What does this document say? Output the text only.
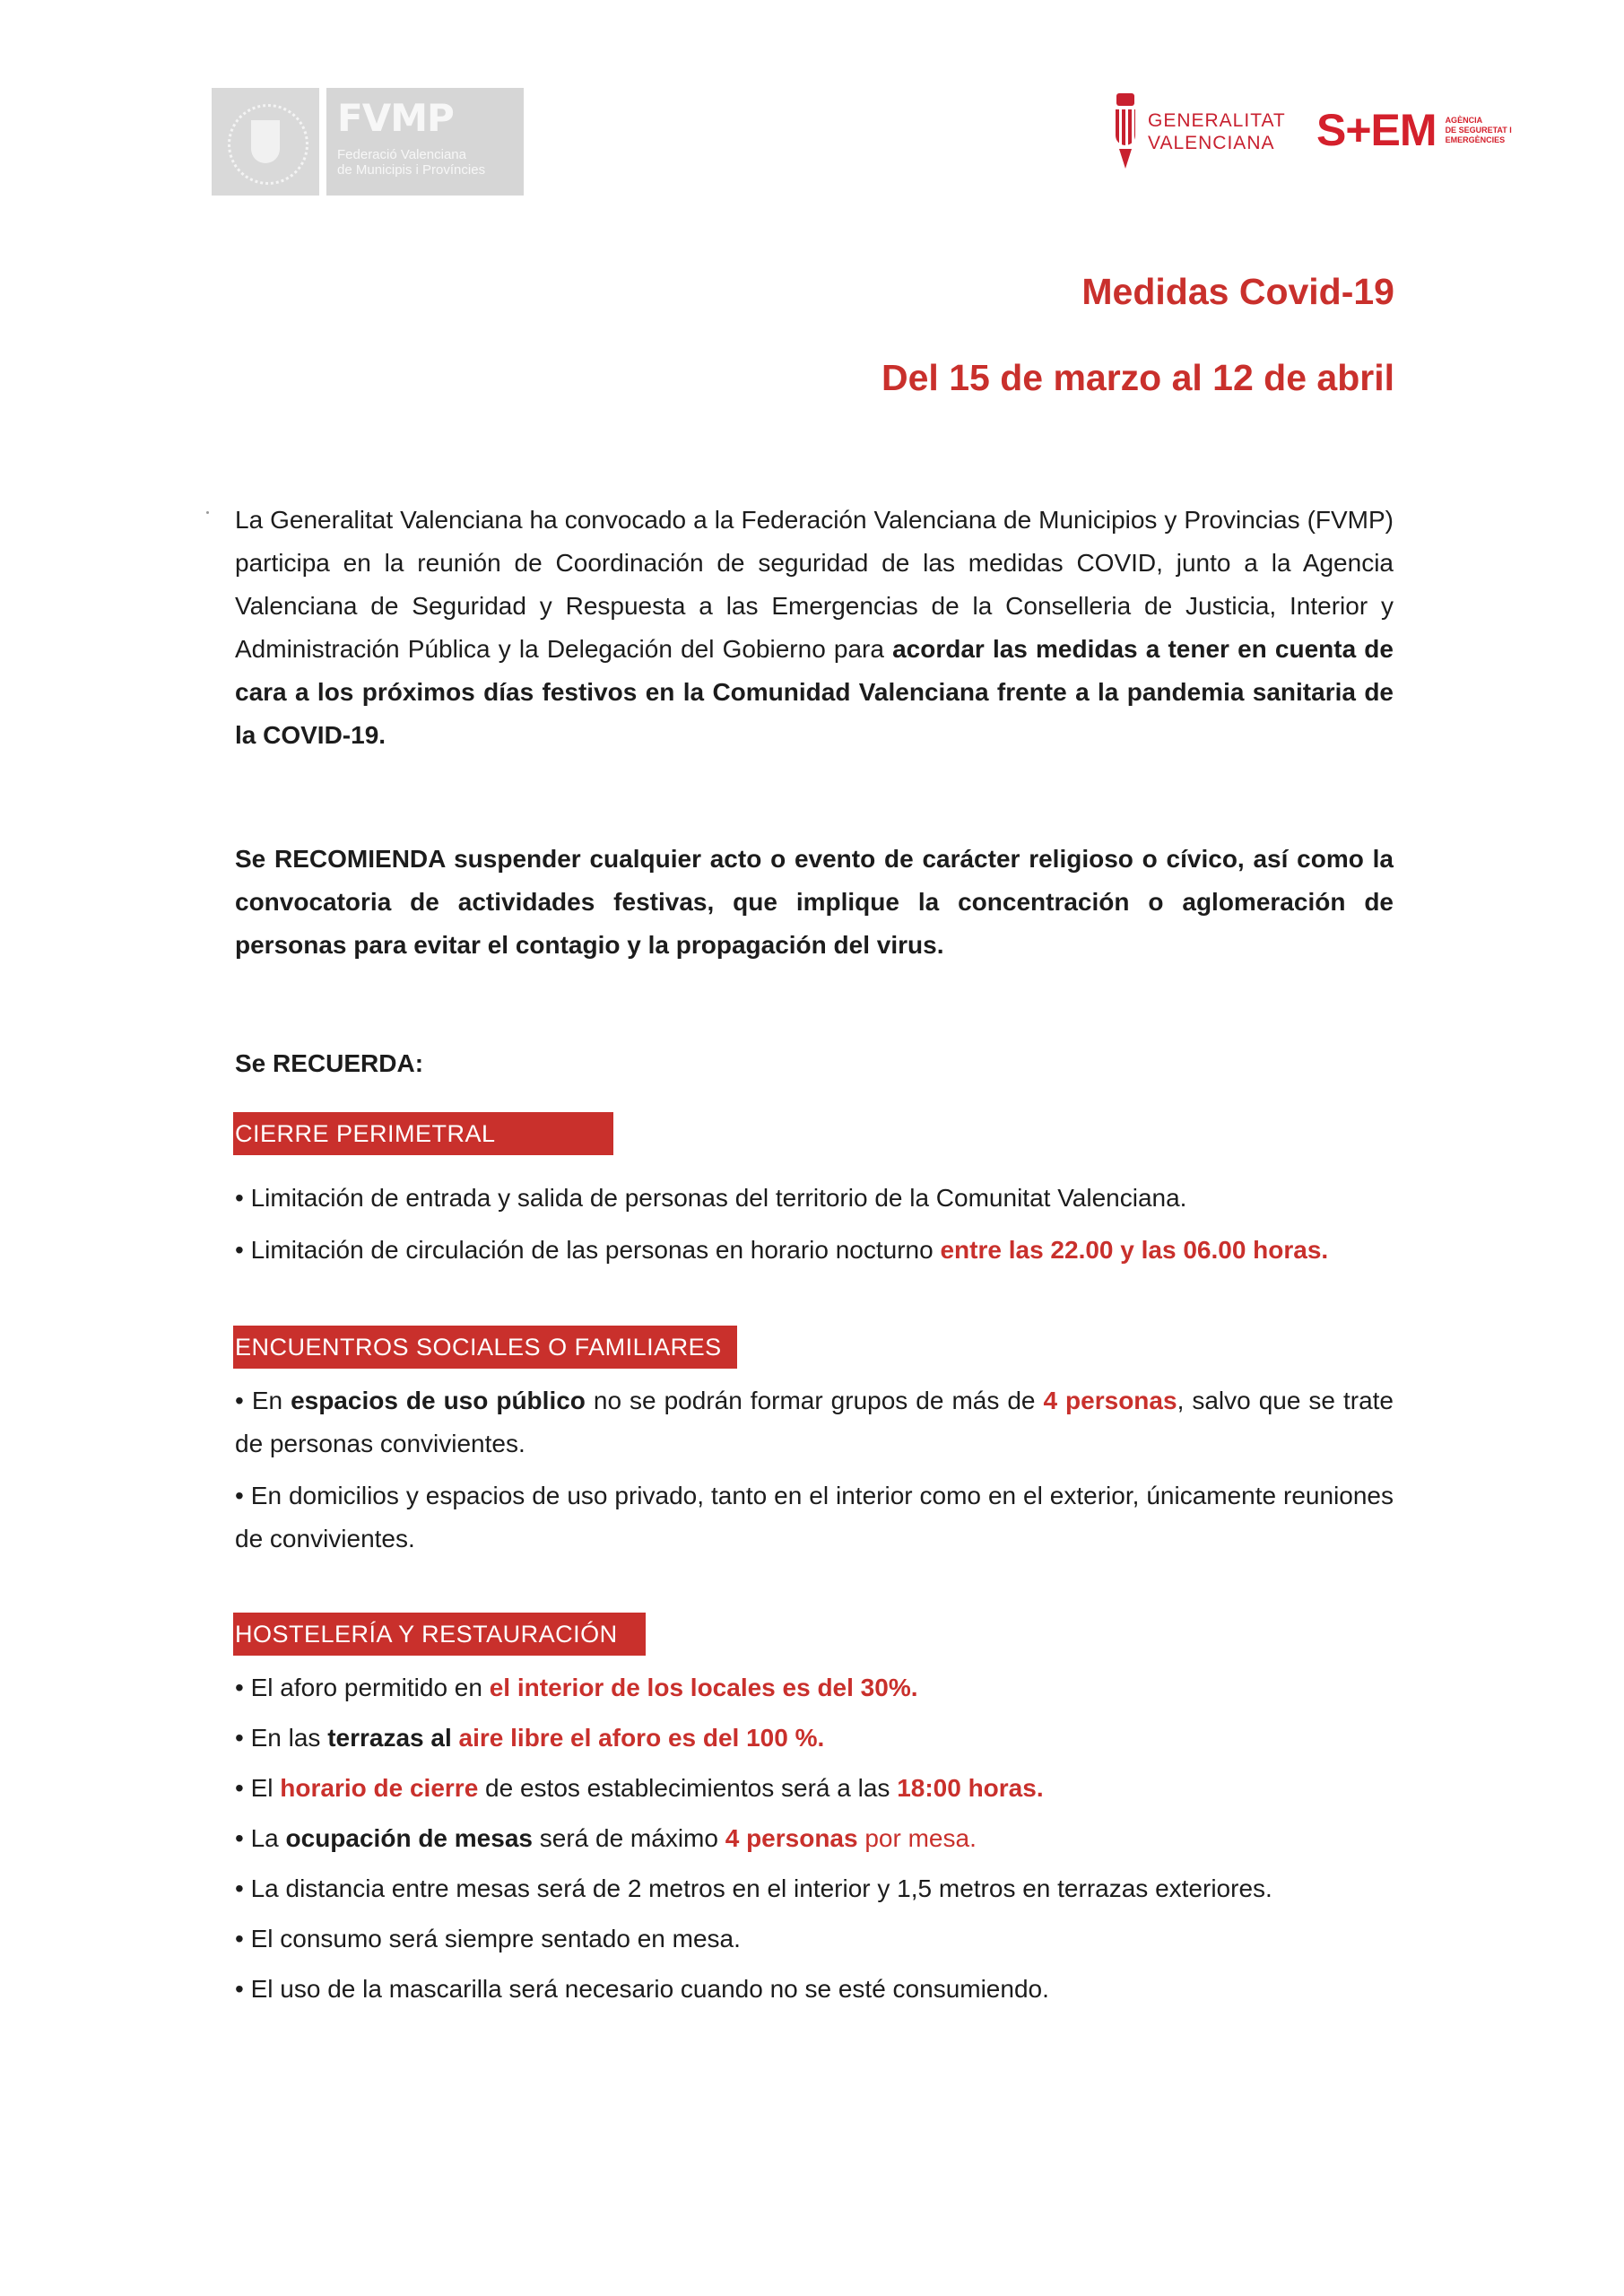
FVMP
Federació Valenciana
de Municipis i Províncies
GENERALITAT
VALENCIANA S+EM AGÈNCIA
DE SEGURETAT I
EMERGÈNCIES
Medidas Covid-19
Del 15 de marzo al 12 de abril
La Generalitat Valenciana ha convocado a la Federación Valenciana de Municipios y Provincias (FVMP) participa en la reunión de Coordinación de seguridad de las medidas COVID, junto a la Agencia Valenciana de Seguridad y Respuesta a las Emergencias de la Conselleria de Justicia, Interior y Administración Pública y la Delegación del Gobierno para acordar las medidas a tener en cuenta de cara a los próximos días festivos en la Comunidad Valenciana frente a la pandemia sanitaria de la COVID-19.
Se RECOMIENDA suspender cualquier acto o evento de carácter religioso o cívico, así como la convocatoria de actividades festivas, que implique la concentración o aglomeración de personas para evitar el contagio y la propagación del virus.
Se RECUERDA:
CIERRE PERIMETRAL
• Limitación de entrada y salida de personas del territorio de la Comunitat Valenciana.
• Limitación de circulación de las personas en horario nocturno entre las 22.00 y las 06.00 horas.
ENCUENTROS SOCIALES O FAMILIARES
• En espacios de uso público no se podrán formar grupos de más de 4 personas, salvo que se trate de personas convivientes.
• En domicilios y espacios de uso privado, tanto en el interior como en el exterior, únicamente reuniones de convivientes.
HOSTELERÍA Y RESTAURACIÓN
• El aforo permitido en el interior de los locales es del 30%.
• En las terrazas al aire libre el aforo es del 100 %.
• El horario de cierre de estos establecimientos será a las 18:00 horas.
• La ocupación de mesas será de máximo 4 personas por mesa.
• La distancia entre mesas será de 2 metros en el interior y 1,5 metros en terrazas exteriores.
• El consumo será siempre sentado en mesa.
• El uso de la mascarilla será necesario cuando no se esté consumiendo.
